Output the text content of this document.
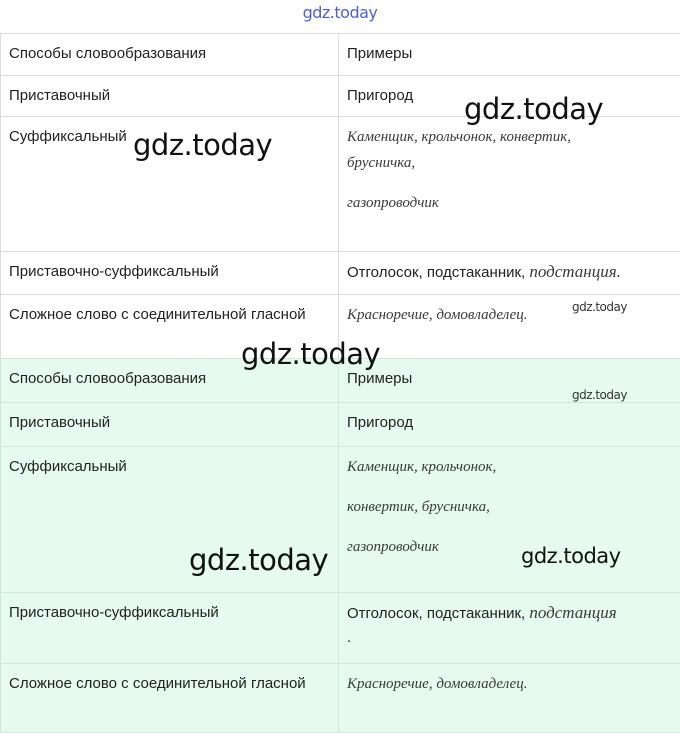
gdz.today
Способы словообразования	Примеры
Приставочный	Пригород
Суффиксальный	Каменщик, крольчонок, конвертик,
брусничка,
газопроводчик

Приставочно-суффиксальный	Отголосок, подстаканник, подстанция.
Сложное слово с соединительной гласной	Красноречие, домовладелец.
Способы словообразования	Примеры
Приставочный	Пригород
Суффиксальный	Каменщик, крольчонок,
конвертик, брусничка,
газопроводчик

Приставочно-суффиксальный	Отголосок, подстаканник, подстанция
.
Сложное слово с соединительной гласной	Красноречие, домовладелец.
gdz.today
gdz.today
gdz.today
gdz.today
gdz.today
gdz.today	gdz.today
